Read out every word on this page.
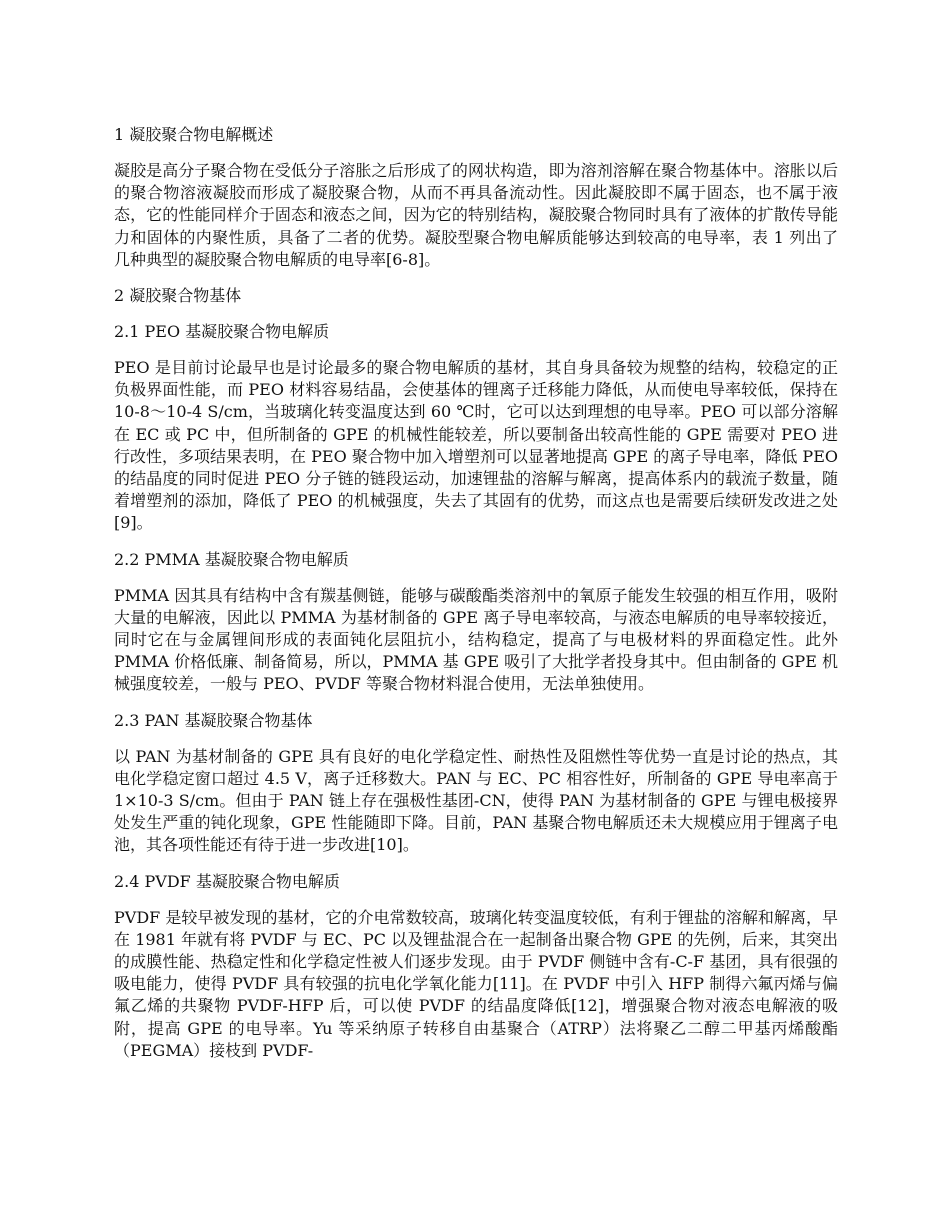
1 凝胶聚合物电解概述

凝胶是高分子聚合物在受低分子溶胀之后形成了的网状构造，即为溶剂溶解在聚合物基体中。溶胀以后的聚合物溶液凝胶而形成了凝胶聚合物，从而不再具备流动性。因此凝胶即不属于固态，也不属于液态，它的性能同样介于固态和液态之间，因为它的特别结构，凝胶聚合物同时具有了液体的扩散传导能力和固体的内聚性质，具备了二者的优势。凝胶型聚合物电解质能够达到较高的电导率，表 1 列出了几种典型的凝胶聚合物电解质的电导率[6-8]。

2 凝胶聚合物基体
2.1 PEO 基凝胶聚合物电解质

PEO 是目前讨论最早也是讨论最多的聚合物电解质的基材，其自身具备较为规整的结构，较稳定的正负极界面性能，而 PEO 材料容易结晶，会使基体的锂离子迁移能力降低，从而使电导率较低，保持在 10-8～10-4 S/cm，当玻璃化转变温度达到 60 ℃时，它可以达到理想的电导率。PEO 可以部分溶解在 EC 或 PC 中，但所制备的 GPE 的机械性能较差，所以要制备出较高性能的 GPE 需要对 PEO 进行改性，多项结果表明，在 PEO 聚合物中加入增塑剂可以显著地提高 GPE 的离子导电率，降低 PEO 的结晶度的同时促进 PEO 分子链的链段运动，加速锂盐的溶解与解离，提高体系内的载流子数量，随着增塑剂的添加，降低了 PEO 的机械强度，失去了其固有的优势，而这点也是需要后续研发改进之处[9]。

2.2 PMMA 基凝胶聚合物电解质

PMMA 因其具有结构中含有羰基侧链，能够与碳酸酯类溶剂中的氧原子能发生较强的相互作用，吸附大量的电解液，因此以 PMMA 为基材制备的 GPE 离子导电率较高，与液态电解质的电导率较接近，同时它在与金属锂间形成的表面钝化层阻抗小，结构稳定，提高了与电极材料的界面稳定性。此外 PMMA 价格低廉、制备简易，所以，PMMA 基 GPE 吸引了大批学者投身其中。但由制备的 GPE 机械强度较差，一般与 PEO、PVDF 等聚合物材料混合使用，无法单独使用。

2.3 PAN 基凝胶聚合物基体

以 PAN 为基材制备的 GPE 具有良好的电化学稳定性、耐热性及阻燃性等优势一直是讨论的热点，其电化学稳定窗口超过 4.5 V，离子迁移数大。PAN 与 EC、PC 相容性好，所制备的 GPE 导电率高于 1×10-3 S/cm。但由于 PAN 链上存在强极性基团-CN，使得 PAN 为基材制备的 GPE 与锂电极接界处发生严重的钝化现象，GPE 性能随即下降。目前，PAN 基聚合物电解质还未大规模应用于锂离子电池，其各项性能还有待于进一步改进[10]。

2.4 PVDF 基凝胶聚合物电解质

PVDF 是较早被发现的基材，它的介电常数较高，玻璃化转变温度较低，有利于锂盐的溶解和解离，早在 1981 年就有将 PVDF 与 EC、PC 以及锂盐混合在一起制备出聚合物 GPE 的先例，后来，其突出的成膜性能、热稳定性和化学稳定性被人们逐步发现。由于 PVDF 侧链中含有-C-F 基团，具有很强的吸电能力，使得 PVDF 具有较强的抗电化学氧化能力[11]。在 PVDF 中引入 HFP 制得六氟丙烯与偏氟乙烯的共聚物 PVDF-HFP 后，可以使 PVDF 的结晶度降低[12]，增强聚合物对液态电解液的吸附，提高 GPE 的电导率。Yu 等采纳原子转移自由基聚合（ATRP）法将聚乙二醇二甲基丙烯酸酯（PEGMA）接枝到 PVDF-
